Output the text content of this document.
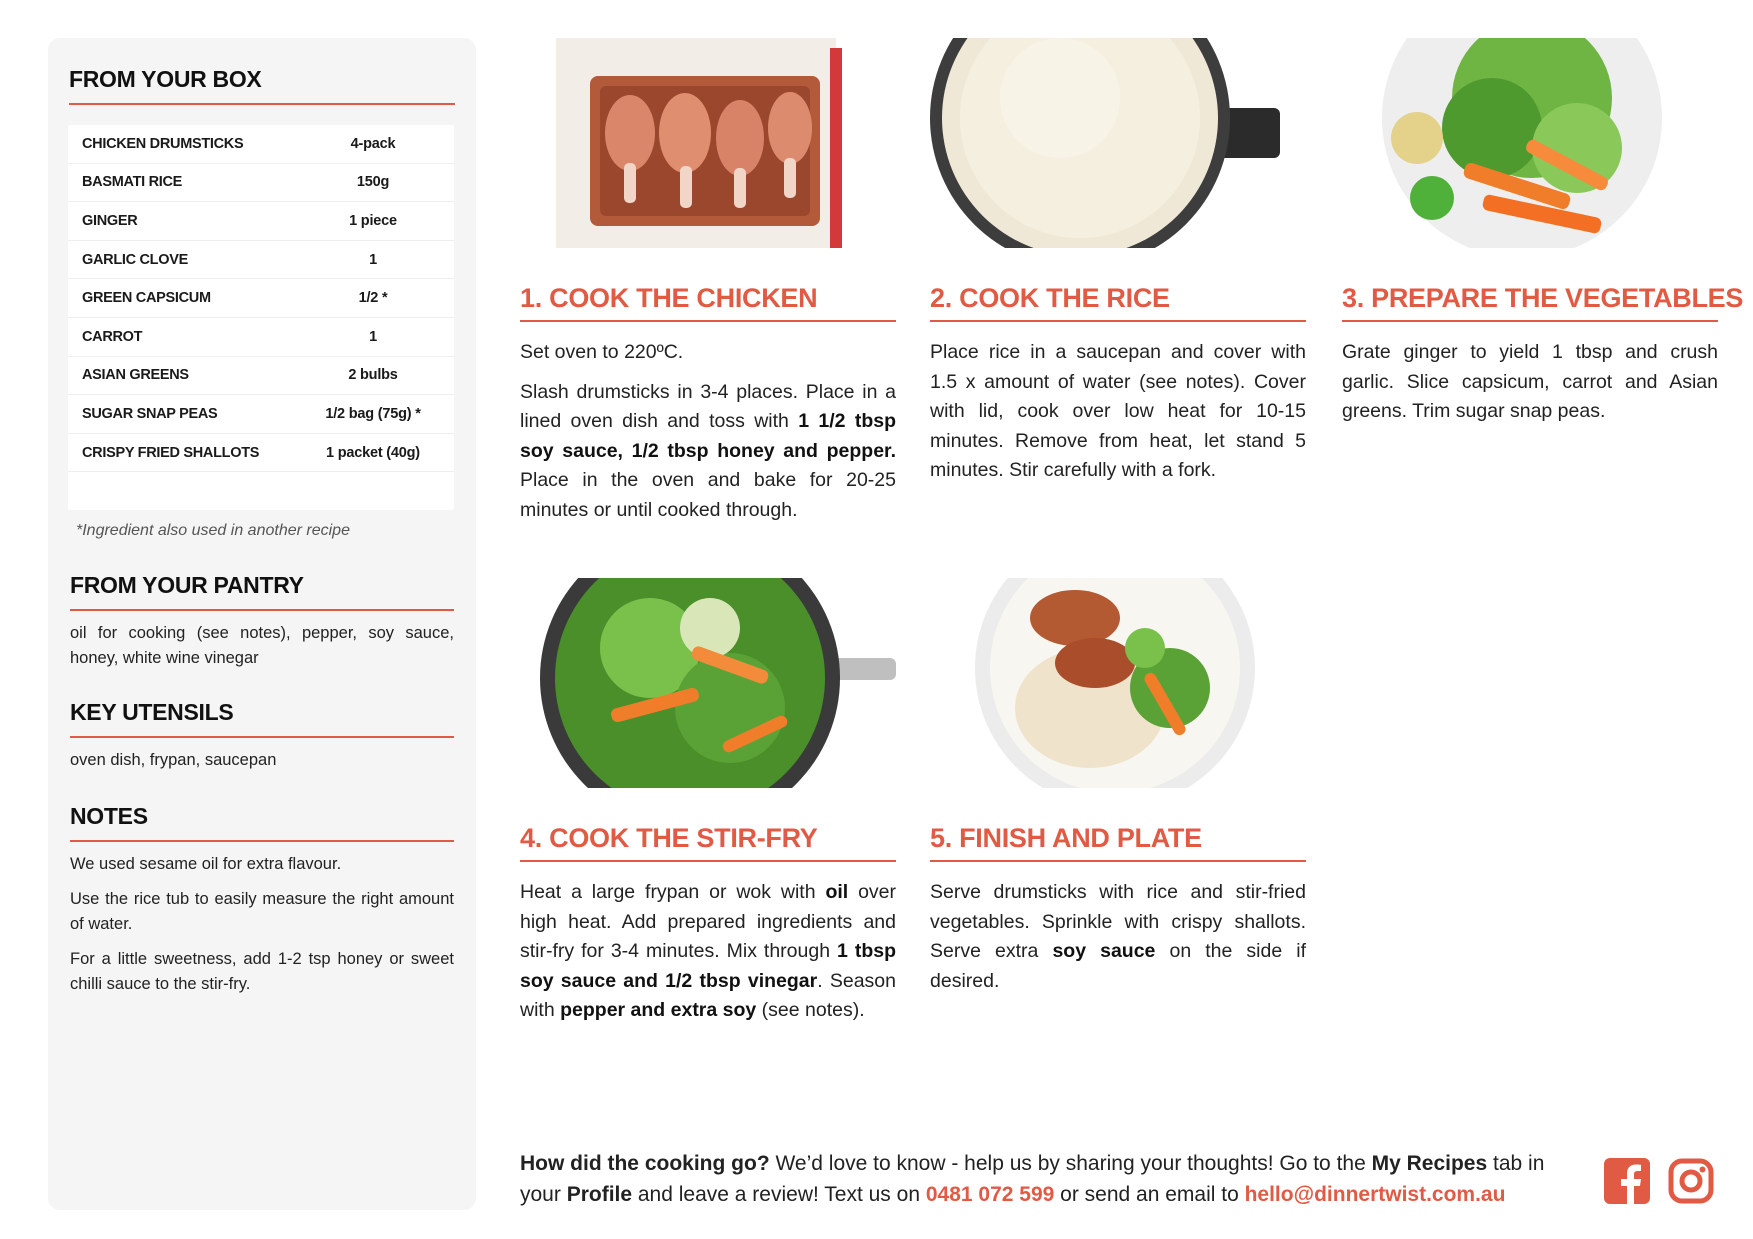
FROM YOUR BOX
CHICKEN DRUMSTICKS	4-pack
BASMATI RICE	150g
GINGER	1 piece
GARLIC CLOVE	1
GREEN CAPSICUM	1/2 *
CARROT	1
ASIAN GREENS	2 bulbs
SUGAR SNAP PEAS	1/2 bag (75g) *
CRISPY FRIED SHALLOTS	1 packet (40g)
*Ingredient also used in another recipe
FROM YOUR PANTRY
oil for cooking (see notes), pepper, soy sauce, honey, white wine vinegar
KEY UTENSILS
oven dish, frypan, saucepan
NOTES

We used sesame oil for extra flavour.

Use the rice tub to easily measure the right amount of water.

For a little sweetness, add 1-2 tsp honey or sweet chilli sauce to the stir-fry.

1. COOK THE CHICKEN

Set oven to 220ºC.

Slash drumsticks in 3-4 places. Place in a lined oven dish and toss with 1 1/2 tbsp soy sauce, 1/2 tbsp honey and pepper. Place in the oven and bake for 20-25 minutes or until cooked through.

2. COOK THE RICE

Place rice in a saucepan and cover with 1.5 x amount of water (see notes). Cover with lid, cook over low heat for 10-15 minutes. Remove from heat, let stand 5 minutes. Stir carefully with a fork.

3. PREPARE THE VEGETABLES

Grate ginger to yield 1 tbsp and crush garlic. Slice capsicum, carrot and Asian greens. Trim sugar snap peas.

4. COOK THE STIR-FRY

Heat a large frypan or wok with oil over high heat. Add prepared ingredients and stir-fry for 3-4 minutes. Mix through 1 tbsp soy sauce and 1/2 tbsp vinegar. Season with pepper and extra soy (see notes).

5. FINISH AND PLATE

Serve drumsticks with rice and stir-fried vegetables. Sprinkle with crispy shallots. Serve extra soy sauce on the side if desired.

How did the cooking go? We’d love to know - help us by sharing your thoughts! Go to the My Recipes tab in your Profile and leave a review! Text us on 0481 072 599 or send an email to hello@dinnertwist.com.au
